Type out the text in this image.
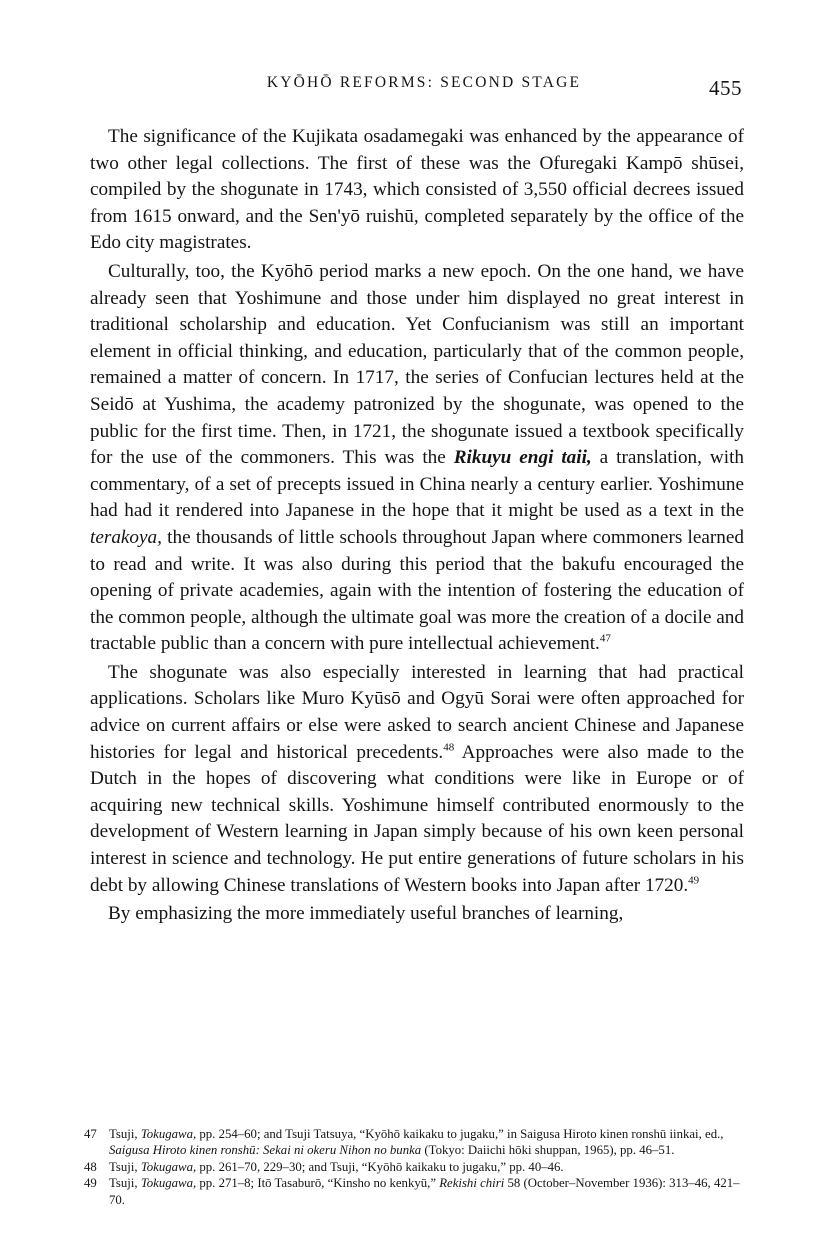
KYŌHŌ REFORMS: SECOND STAGE	455

The significance of the Kujikata osadamegaki was enhanced by the appearance of two other legal collections. The first of these was the Ofuregaki Kampō shūsei, compiled by the shogunate in 1743, which consisted of 3,550 official decrees issued from 1615 onward, and the Sen'yō ruishū, completed separately by the office of the Edo city magistrates.

Culturally, too, the Kyōhō period marks a new epoch. On the one hand, we have already seen that Yoshimune and those under him displayed no great interest in traditional scholarship and education. Yet Confucianism was still an important element in official thinking, and education, particularly that of the common people, remained a matter of concern. In 1717, the series of Confucian lectures held at the Seidō at Yushima, the academy patronized by the shogunate, was opened to the public for the first time. Then, in 1721, the shogunate issued a textbook specifically for the use of the commoners. This was the Rikuyu engi taii, a translation, with commentary, of a set of precepts issued in China nearly a century earlier. Yoshimune had had it rendered into Japanese in the hope that it might be used as a text in the terakoya, the thousands of little schools throughout Japan where commoners learned to read and write. It was also during this period that the bakufu encouraged the opening of private academies, again with the intention of fostering the education of the common people, although the ultimate goal was more the creation of a docile and tractable public than a concern with pure intellectual achievement.$^{47}$

The shogunate was also especially interested in learning that had practical applications. Scholars like Muro Kyūsō and Ogyū Sorai were often approached for advice on current affairs or else were asked to search ancient Chinese and Japanese histories for legal and historical precedents.$^{48}$ Approaches were also made to the Dutch in the hopes of discovering what conditions were like in Europe or of acquiring new technical skills. Yoshimune himself contributed enormously to the development of Western learning in Japan simply because of his own keen personal interest in science and technology. He put entire generations of future scholars in his debt by allowing Chinese translations of Western books into Japan after 1720.49

By emphasizing the more immediately useful branches of learning,

47 Tsuji, Tokugawa, pp. 254–60; and Tsuji Tatsuya, “Kyōhō kaikaku to jugaku,” in Saigusa Hiroto kinen ronshū iinkai, ed., Saigusa Hiroto kinen ronshū: Sekai ni okeru Nihon no bunka (Tokyo: Daiichi hōki shuppan, 1965), pp. 46–51.
48 Tsuji, Tokugawa, pp. 261–70, 229–30; and Tsuji, “Kyōhō kaikaku to jugaku,” pp. 40–46.
49 Tsuji, Tokugawa, pp. 271–8; Itō Tasaburō, “Kinsho no kenkyū,” Rekishi chiri 58 (October–November 1936): 313–46, 421–70.
